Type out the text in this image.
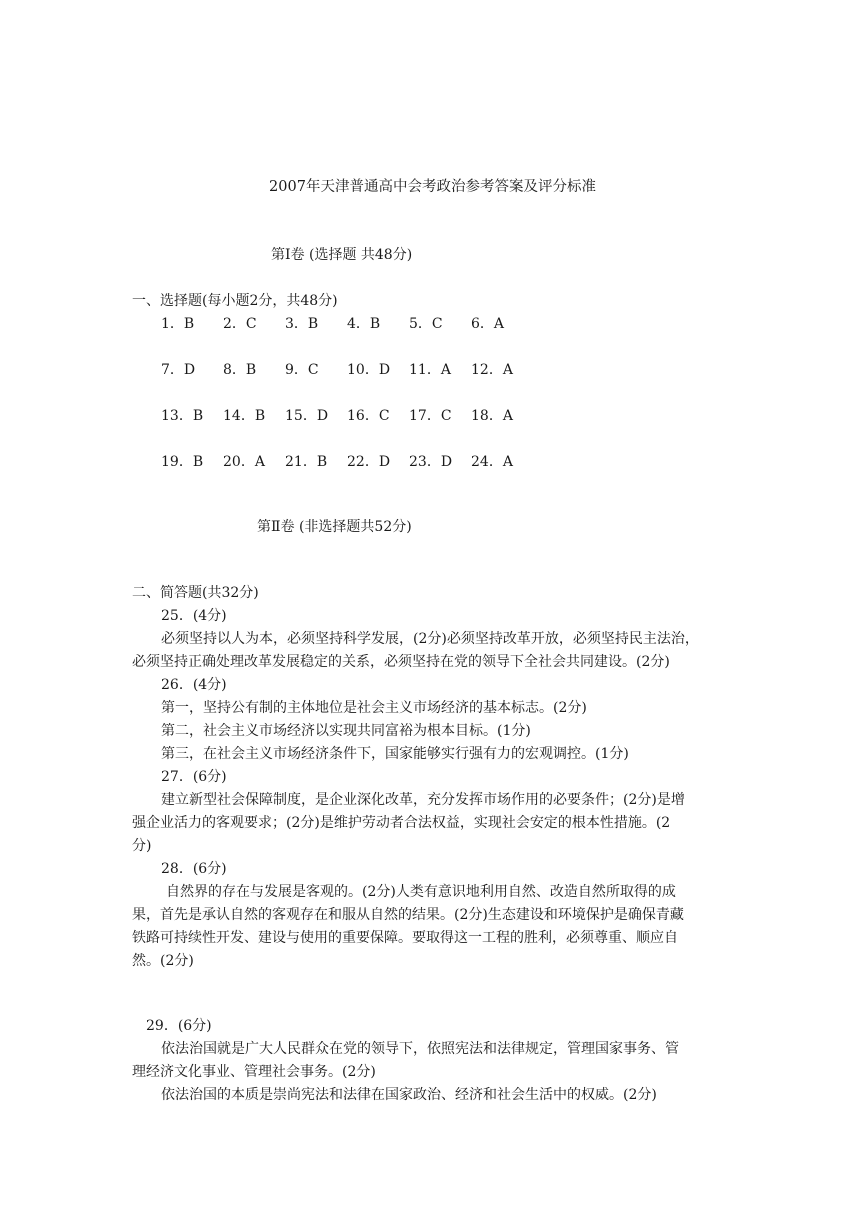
2007年天津普通高中会考政治参考答案及评分标准
第Ⅰ卷 (选择题 共48分)
一、选择题(每小题2分，共48分)
1．B	2．C	3．B	4．B	5．C	6．A
7．D	8．B	9．C	10．D	11．A	12．A
13．B	14．B	15．D	16．C	17．C	18．A
19．B	20．A	21．B	22．D	23．D	24．A
第Ⅱ卷 (非选择题共52分)
二、简答题(共32分)
25．(4分)
必须坚持以人为本，必须坚持科学发展，(2分)必须坚持改革开放，必须坚持民主法治，
必须坚持正确处理改革发展稳定的关系，必须坚持在党的领导下全社会共同建设。(2分)
26．(4分)
第一，坚持公有制的主体地位是社会主义市场经济的基本标志。(2分)
第二，社会主义市场经济以实现共同富裕为根本目标。(1分)
第三，在社会主义市场经济条件下，国家能够实行强有力的宏观调控。(1分)
27．(6分)
建立新型社会保障制度，是企业深化改革，充分发挥市场作用的必要条件；(2分)是增
强企业活力的客观要求；(2分)是维护劳动者合法权益，实现社会安定的根本性措施。(2
分)
28．(6分)
自然界的存在与发展是客观的。(2分)人类有意识地利用自然、改造自然所取得的成
果，首先是承认自然的客观存在和服从自然的结果。(2分)生态建设和环境保护是确保青藏
铁路可持续性开发、建设与使用的重要保障。要取得这一工程的胜利，必须尊重、顺应自
然。(2分)
29．(6分)
依法治国就是广大人民群众在党的领导下，依照宪法和法律规定，管理国家事务、管
理经济文化事业、管理社会事务。(2分)
依法治国的本质是崇尚宪法和法律在国家政治、经济和社会生活中的权威。(2分)
